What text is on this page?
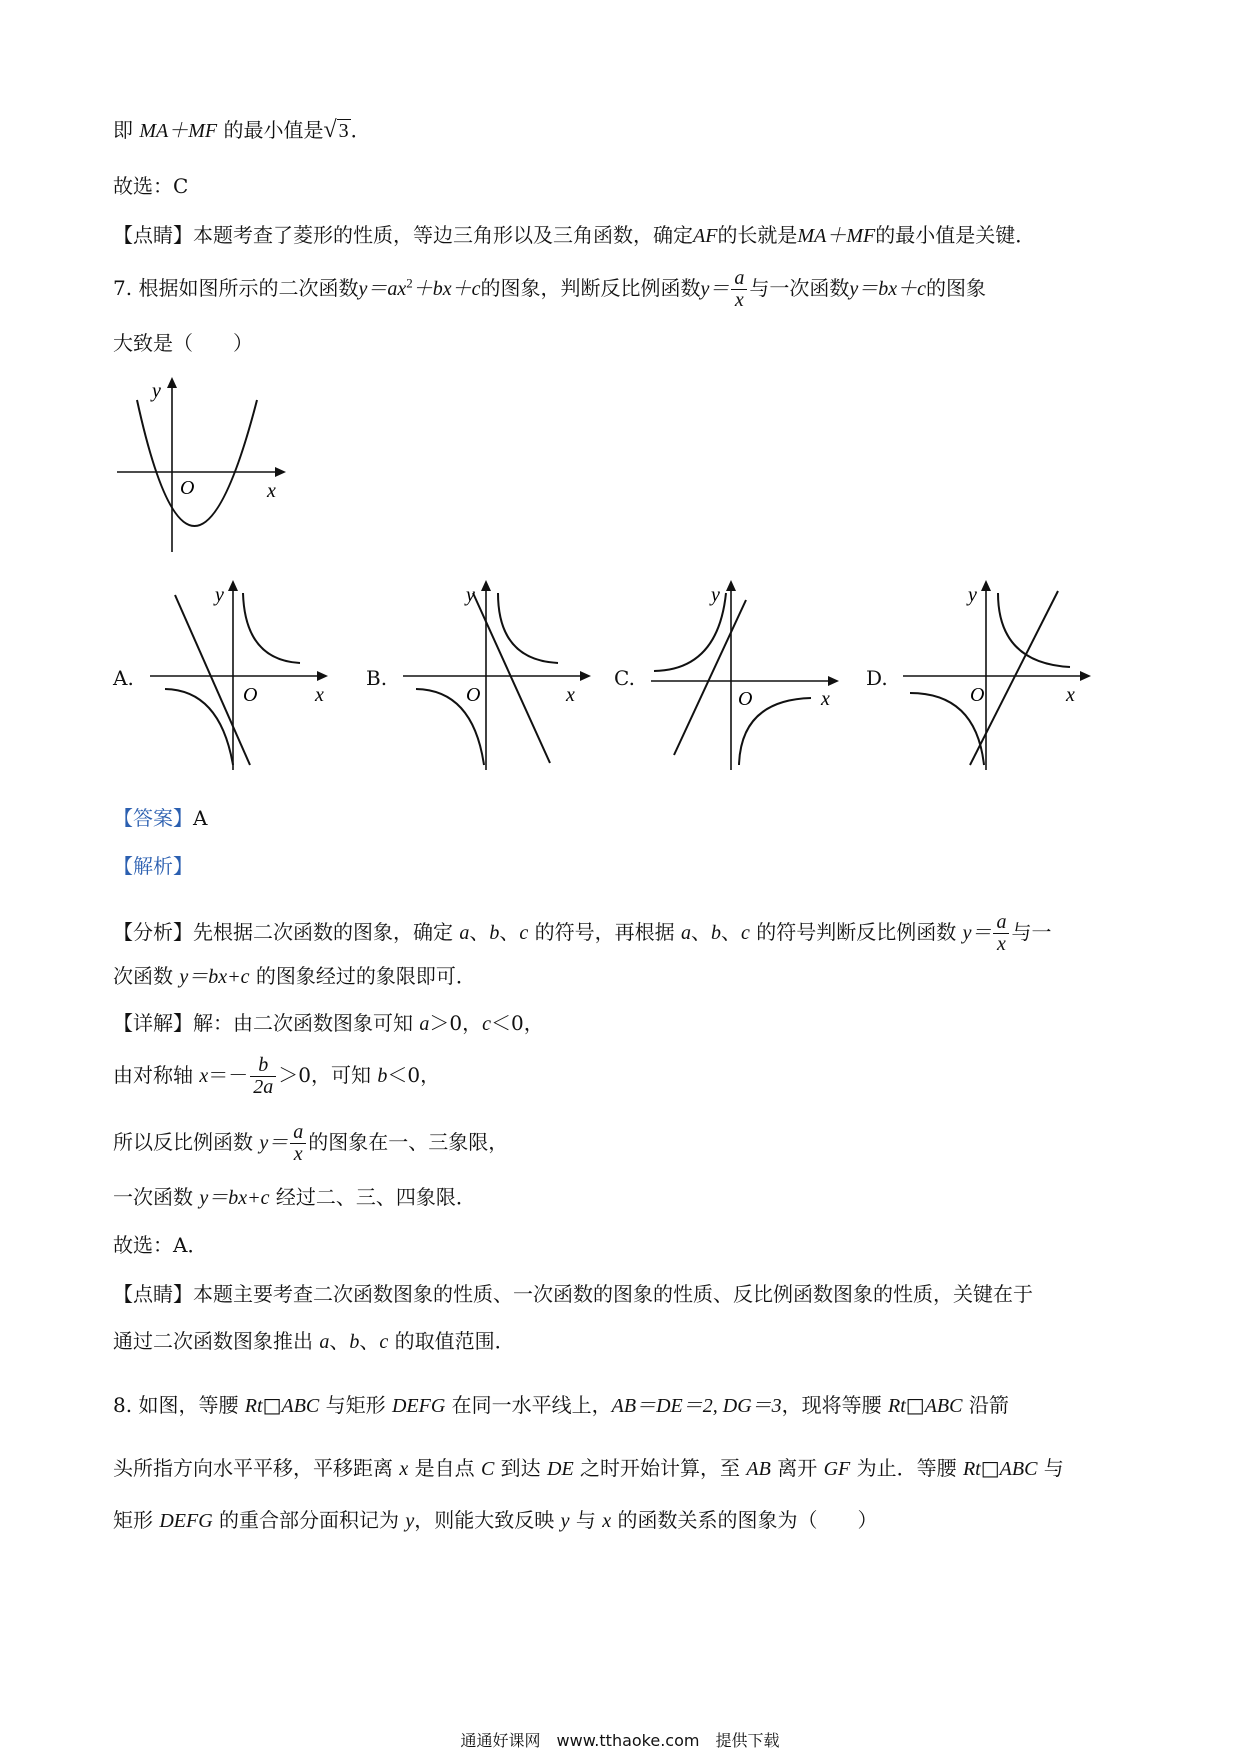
即 MA＋MF 的最小值是√ 3 ．
故选：C
【点睛】本题考查了菱形的性质，等边三角形以及三角函数，确定AF的长就是MA＋MF的最小值是关键．
7. 根据如图所示的二次函数$y=ax^2+bx+c$的图象，判断反比例函数$y= \frac{a}{x}$ 与一次函数y＝bx＋c的图象
大致是（　　）
y
O	x
A.
y
O	x
B.
y
O	x
C.
y
O	x
D.
y
O	x
【答案】A
【解析】
【分析】先根据二次函数的图象，确定 a、b、c 的符号，再根据 a、b、c 的符号判断反比例函数 $y= \frac{a}{x}$ 与一
次函数 y＝bx+c 的图象经过的象限即可．
【详解】解：由二次函数图象可知 a＞0，c＜0，
由对称轴 $x=- \frac{b}{2a} >0$，可知 b＜0，
所以反比例函数 $y= \frac{a}{x}$ 的图象在一、三象限，
一次函数 y＝bx+c 经过二、三、四象限．
故选：A．
【点睛】本题主要考查二次函数图象的性质、一次函数的图象的性质、反比例函数图象的性质，关键在于
通过二次函数图象推出 a、b、c 的取值范围．
8. 如图，等腰 Rt□ABC 与矩形 DEFG 在同一水平线上，AB＝DE＝2, DG＝3，现将等腰 Rt□ABC 沿箭
头所指方向水平平移，平移距离 x 是自点 C 到达 DE 之时开始计算，至 AB 离开 GF 为止．等腰 Rt□ABC 与
矩形 DEFG 的重合部分面积记为 y，则能大致反映 y 与 x 的函数关系的图象为（　　）
通通好课网　www.tthaoke.com　提供下载
